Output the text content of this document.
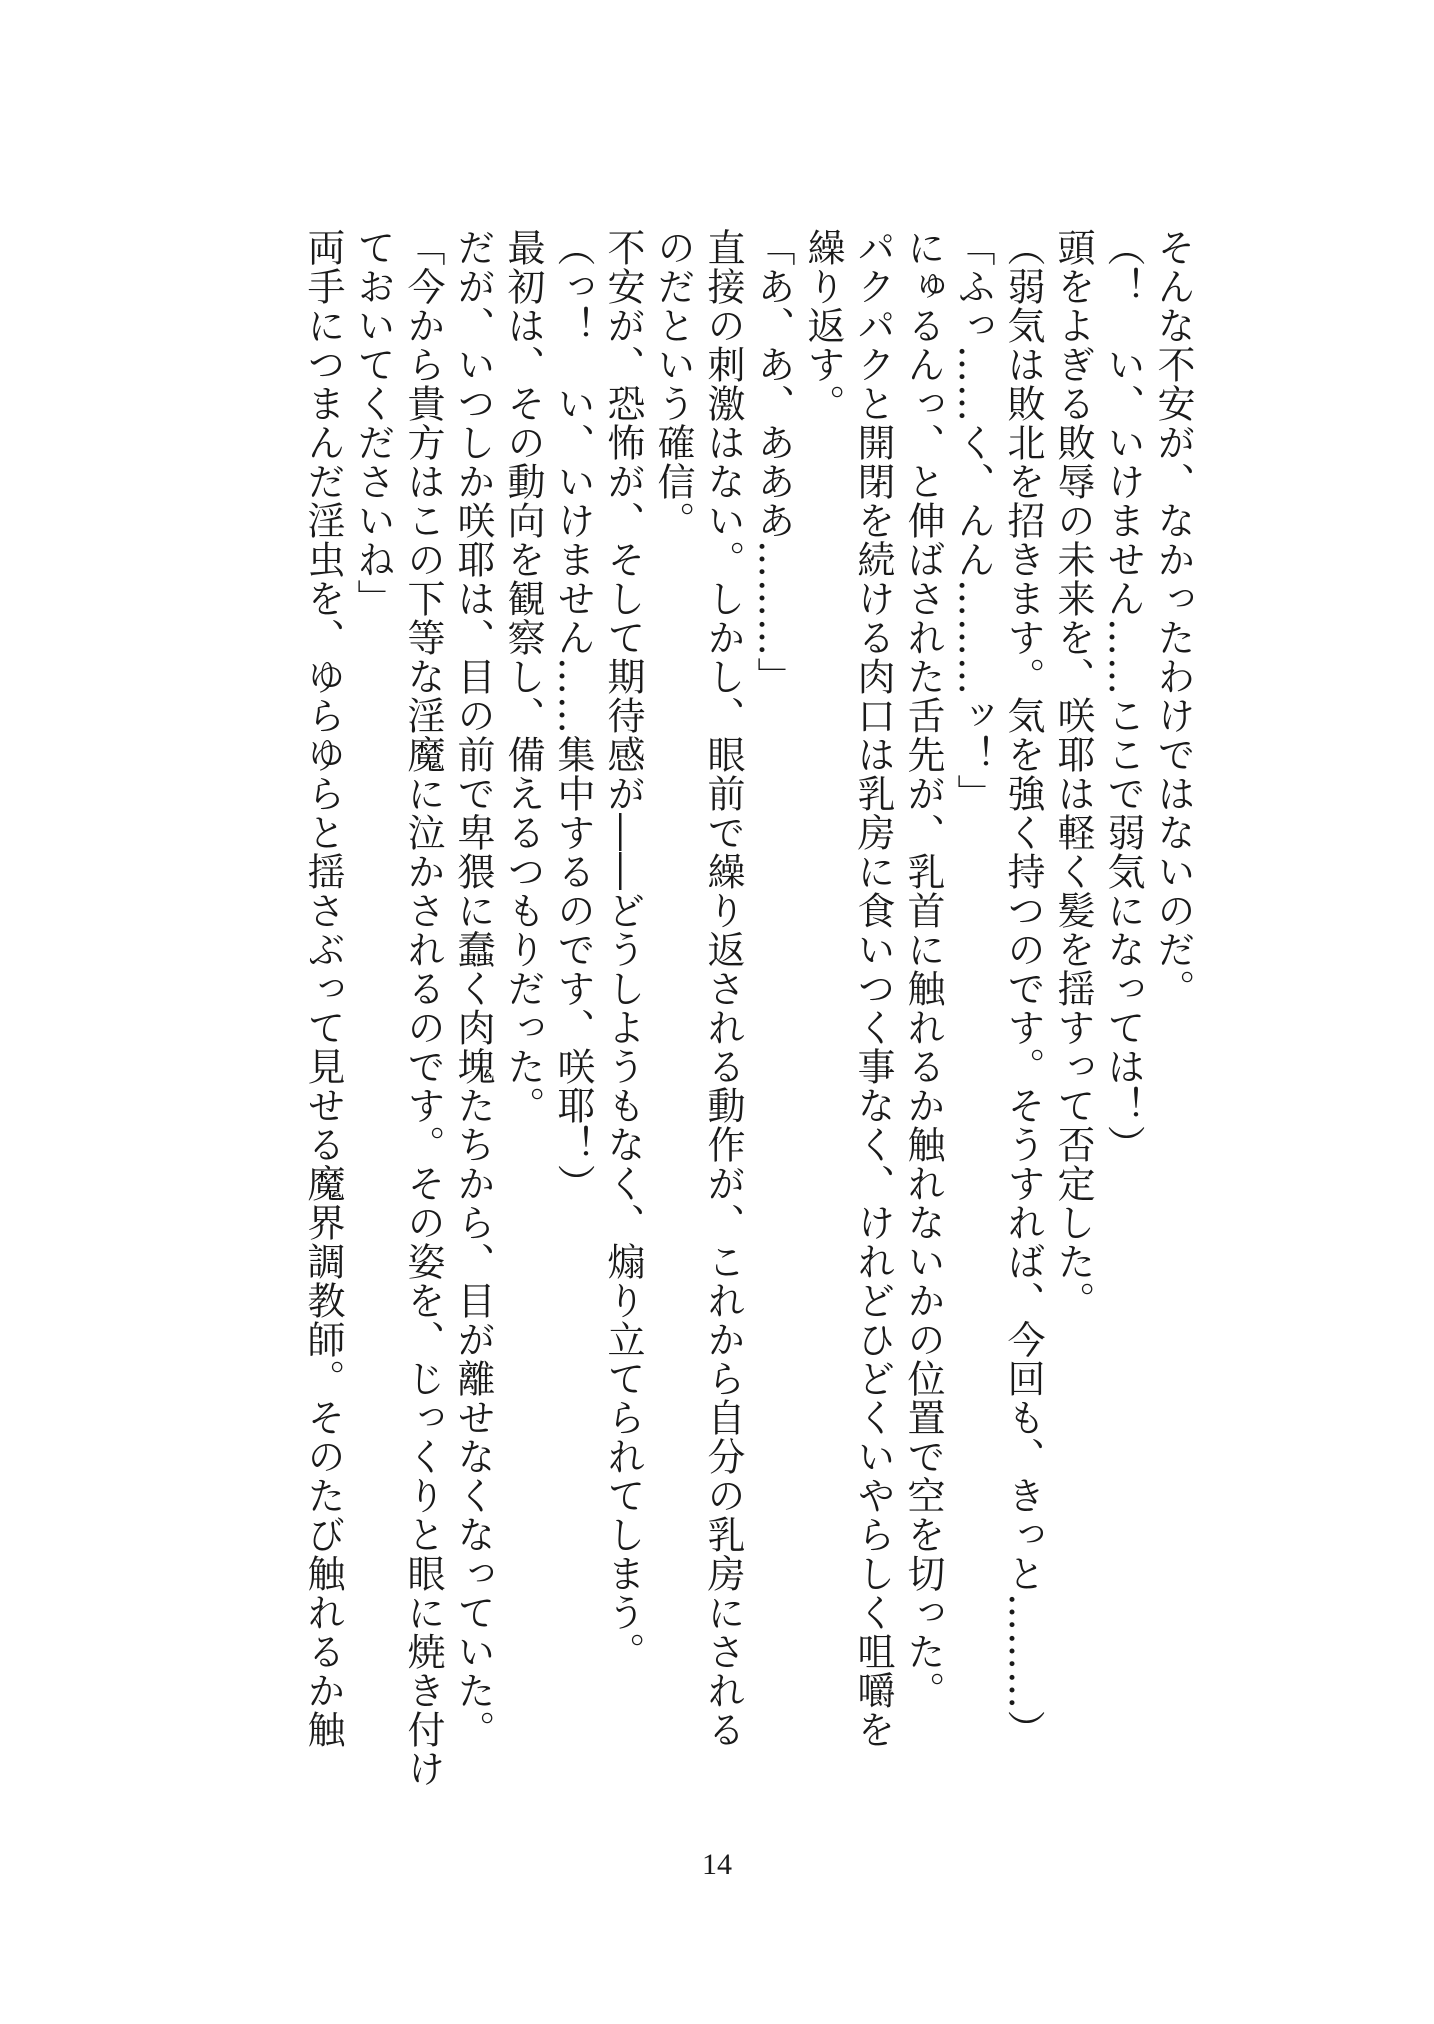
そんな不安が、なかったわけではないのだ。

（！　い、いけません……ここで弱気になっては！）

頭をよぎる敗辱の未来を、咲耶は軽く髪を揺すって否定した。

（弱気は敗北を招きます。気を強く持つのです。そうすれば、今回も、きっと………）

「ふっ……く、んん………ッ！」

にゅるんっ、と伸ばされた舌先が、乳首に触れるか触れないかの位置で空を切った。

パクパクと開閉を続ける肉口は乳房に食いつく事なく、けれどひどくいやらしく咀嚼を

繰り返す。

「あ、あ、あああ………」

直接の刺激はない。しかし、眼前で繰り返される動作が、これから自分の乳房にされる

のだという確信。

不安が、恐怖が、そして期待感が――どうしようもなく、煽り立てられてしまう。

（っ！　い、いけません……集中するのです、咲耶！）

最初は、その動向を観察し、備えるつもりだった。

だが、いつしか咲耶は、目の前で卑猥に蠢く肉塊たちから、目が離せなくなっていた。

「今から貴方はこの下等な淫魔に泣かされるのです。その姿を、じっくりと眼に焼き付け

ておいてくださいね」

両手につまんだ淫虫を、ゆらゆらと揺さぶって見せる魔界調教師。そのたび触れるか触

14
